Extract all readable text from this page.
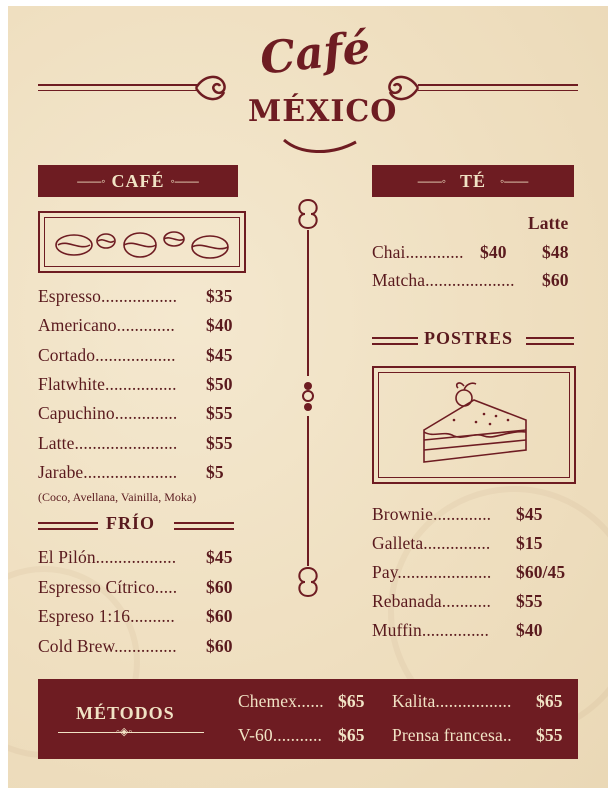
Café
MÉXICO
——◦ CAFÉ ◦——
Espresso................. $35
Americano............. $40
Cortado.................. $45
Flatwhite................ $50
Capuchino.............. $55
Latte....................... $55
Jarabe..................... $5
(Coco, Avellana, Vainilla, Moka)
FRÍO
El Pilón.................. $45
Espresso Cítrico..... $60
Espreso 1:16.......... $60
Cold Brew.............. $60
——◦ TÉ ◦——
Latte
Chai............. $40 $48
Matcha.................... $60
POSTRES
Brownie............. $45
Galleta............... $15
Pay..................... $60/45
Rebanada........... $55
Muffin............... $40
MÉTODOS
◦◈◦
Chemex...... $65
V-60........... $65
Kalita................. $65
Prensa francesa.. $55
